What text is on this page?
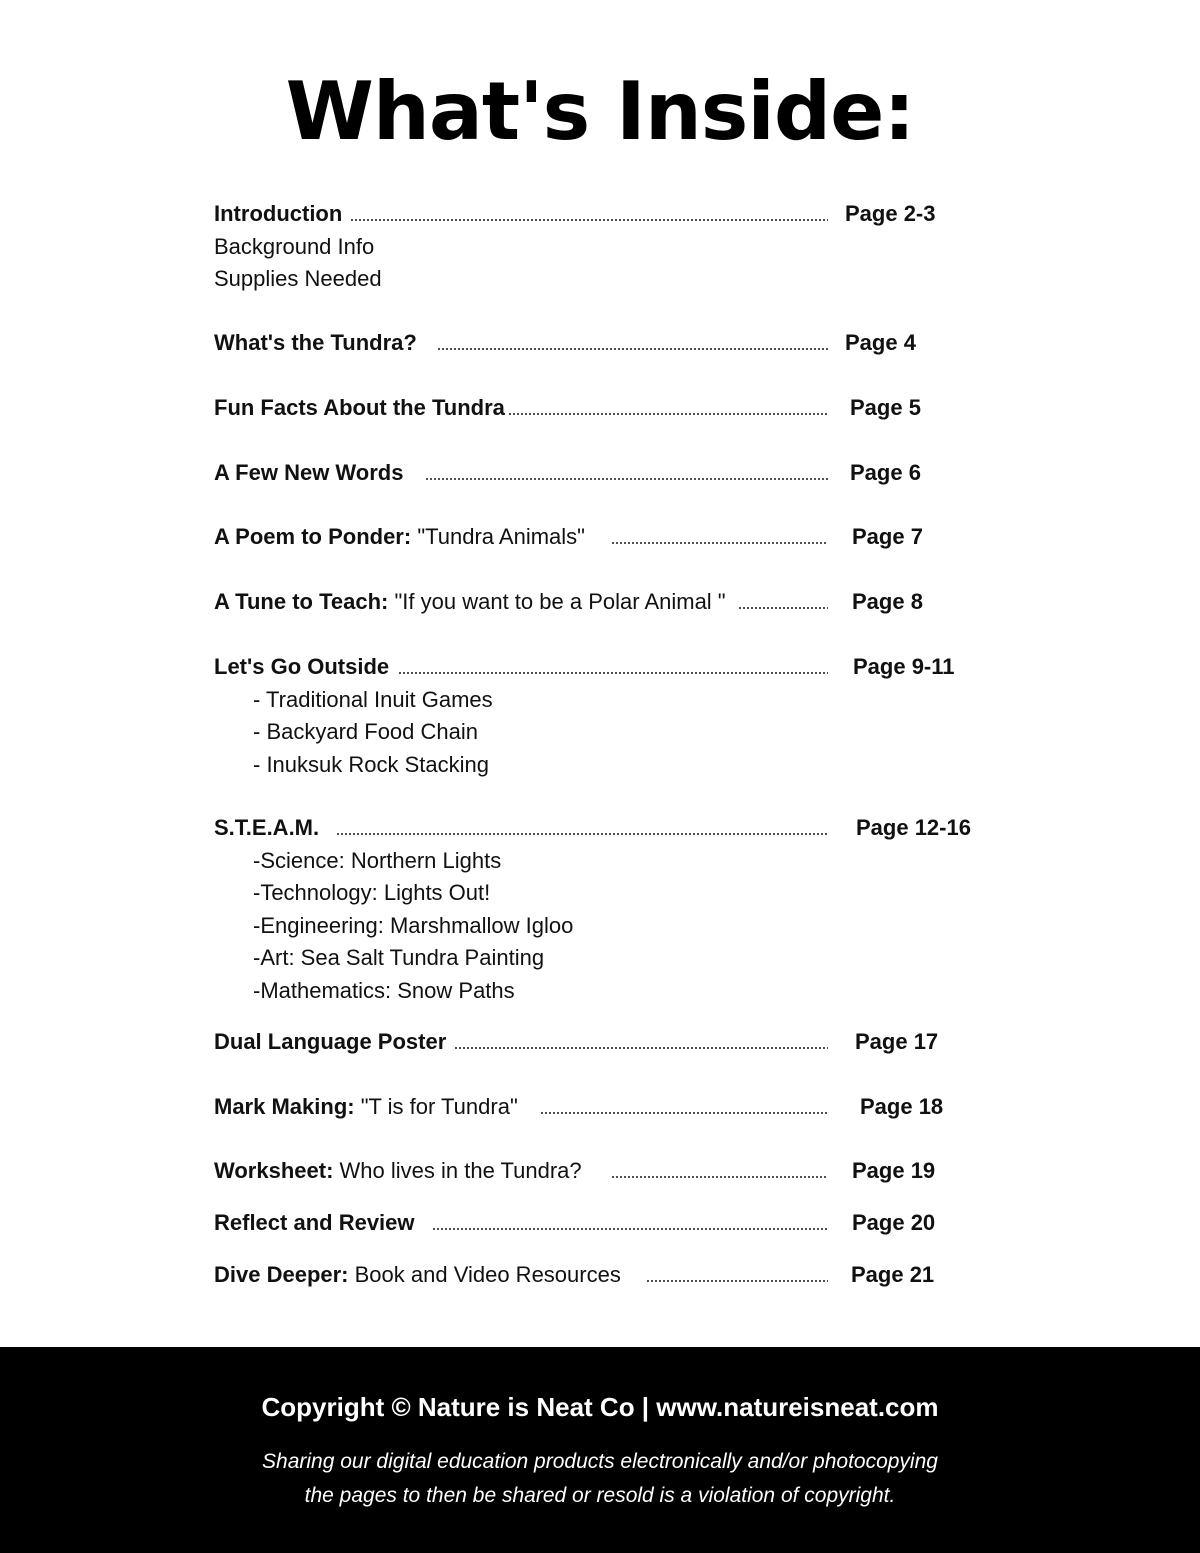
What's Inside:
Introduction	Page 2-3
Background Info
Supplies Needed
What's the Tundra?	Page 4
Fun Facts About the Tundra	Page 5
A Few New Words	Page 6
A Poem to Ponder: "Tundra Animals"	Page 7
A Tune to Teach: "If you want to be a Polar Animal "	Page 8
Let's Go Outside	Page 9-11
- Traditional Inuit Games
- Backyard Food Chain
- Inuksuk Rock Stacking
S.T.E.A.M.	Page 12-16
-Science: Northern Lights
-Technology: Lights Out!
-Engineering: Marshmallow Igloo
-Art: Sea Salt Tundra Painting
-Mathematics: Snow Paths
Dual Language Poster	Page 17
Mark Making: "T is for Tundra"	Page 18
Worksheet: Who lives in the Tundra?	Page 19
Reflect and Review	Page 20
Dive Deeper: Book and Video Resources	Page 21
Copyright © Nature is Neat Co | www.natureisneat.com
Sharing our digital education products electronically and/or photocopying
the pages to then be shared or resold is a violation of copyright.
